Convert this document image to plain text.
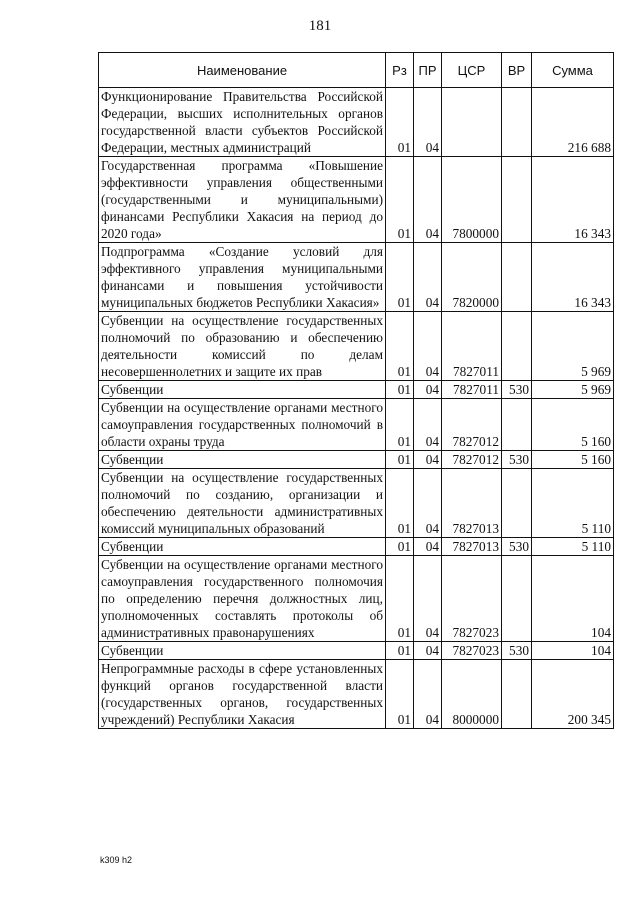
181
Наименование	Рз	ПР	ЦСР	ВР	Сумма
Функционирование Правительства Российской Федерации, высших исполнительных органов государственной власти субъектов Российской Федерации, местных администраций	01	04			216 688
Государственная программа «Повышение эффективности управления общественными (государственными и муниципальными) финансами Республики Хакасия на период до 2020 года»	01	04	7800000		16 343
Подпрограмма «Создание условий для эффективного управления муниципальными финансами и повышения устойчивости муниципальных бюджетов Республики Хакасия»	01	04	7820000		16 343
Субвенции на осуществление государственных полномочий по образованию и обеспечению деятельности комиссий по делам несовершеннолетних и защите их прав	01	04	7827011		5 969
Субвенции	01	04	7827011	530	5 969
Субвенции на осуществление органами местного самоуправления государственных полномочий в области охраны труда	01	04	7827012		5 160
Субвенции	01	04	7827012	530	5 160
Субвенции на осуществление государственных полномочий по созданию, организации и обеспечению деятельности административных комиссий муниципальных образований	01	04	7827013		5 110
Субвенции	01	04	7827013	530	5 110
Субвенции на осуществление органами местного самоуправления государственного полномочия по определению перечня должностных лиц, уполномоченных составлять протоколы об административных правонарушениях	01	04	7827023		104
Субвенции	01	04	7827023	530	104
Непрограммные расходы в сфере установленных функций органов государственной власти (государственных органов, государственных учреждений) Республики Хакасия	01	04	8000000		200 345
k309 h2
